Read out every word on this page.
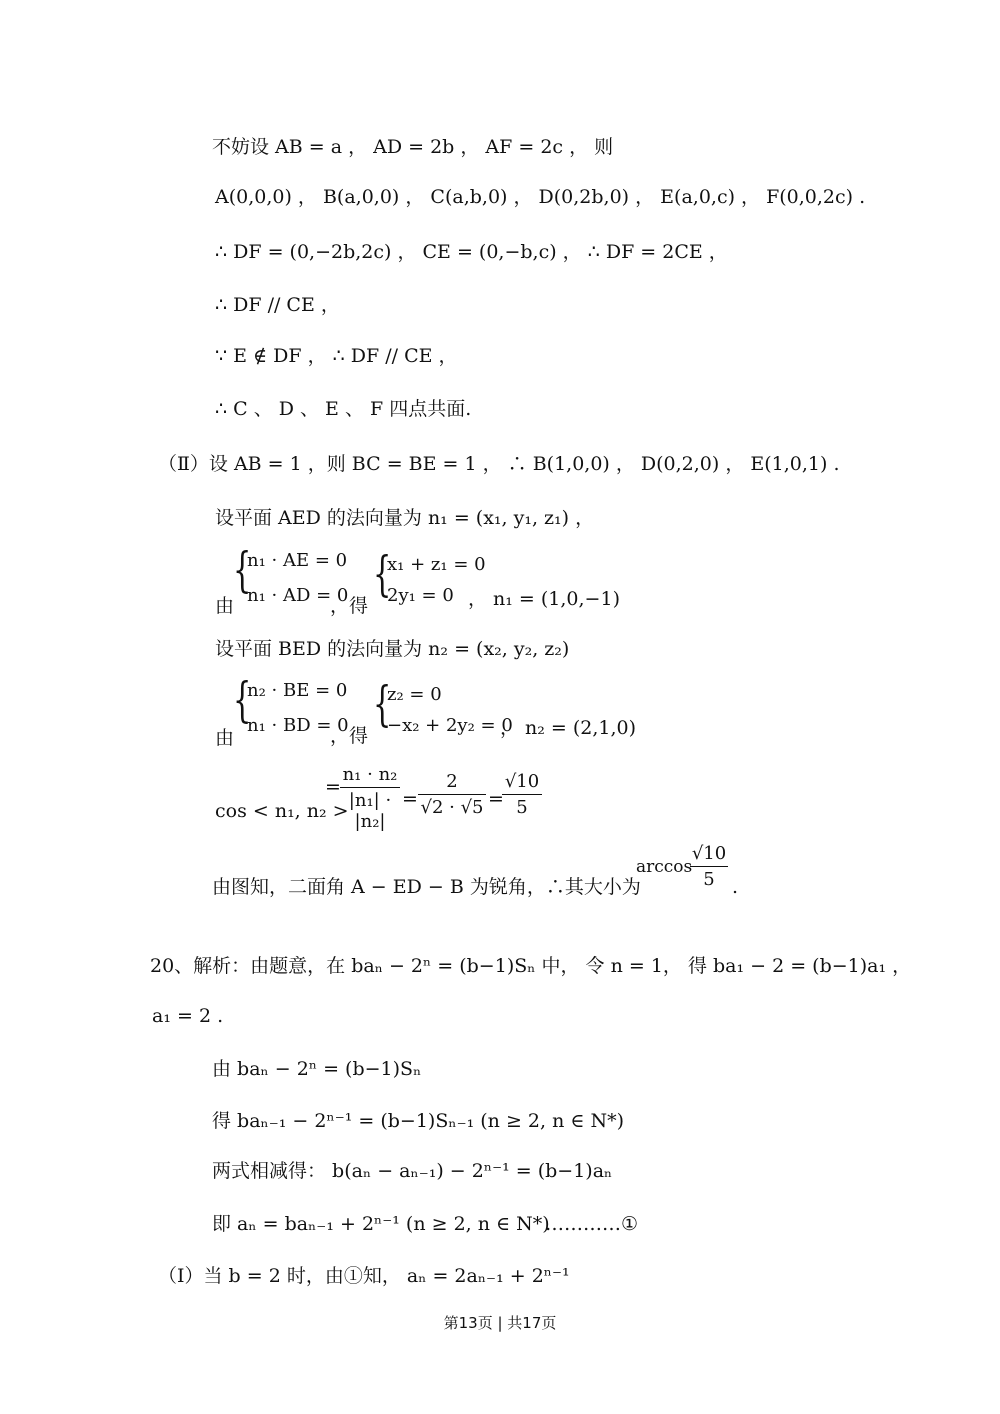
不妨设 AB = a ， AD = 2b ， AF = 2c ， 则
A(0,0,0) ， B(a,0,0) ， C(a,b,0) ， D(0,2b,0) ， E(a,0,c) ， F(0,0,2c) .
∴ DF = (0,−2b,2c) ， CE = (0,−b,c) ， ∴ DF = 2CE ，
∴ DF // CE ，
∵ E ∉ DF ， ∴ DF // CE ，
∴ C 、 D 、 E 、 F 四点共面.
（Ⅱ）设 AB = 1 ，则 BC = BE = 1 ， ∴ B(1,0,0) ， D(0,2,0) ， E(1,0,1) .
设平面 AED 的法向量为 n₁ = (x₁, y₁, z₁) ，
由
{
n₁ · AE = 0
n₁ · AD = 0
，得
{
x₁ + z₁ = 0
2y₁ = 0 ， n₁ = (1,0,−1)
设平面 BED 的法向量为 n₂ = (x₂, y₂, z₂)
由
{
n₂ · BE = 0
n₁ · BD = 0
，得
{
z₂ = 0
−x₂ + 2y₂ = 0
， n₂ = (2,1,0)
cos < n₁, n₂ >
=
n₁ · n₂
|n₁| · |n₂|
=
2
√2 · √5 =
√10
5
由图知，二面角 A − ED − B 为锐角，∴其大小为
arccos
√10
5 .
20、解析：由题意，在 baₙ − 2ⁿ = (b−1)Sₙ 中， 令 n = 1， 得 ba₁ − 2 = (b−1)a₁ ，
a₁ = 2 .
由 baₙ − 2ⁿ = (b−1)Sₙ
得 baₙ₋₁ − 2ⁿ⁻¹ = (b−1)Sₙ₋₁ (n ≥ 2, n ∈ N*)
两式相减得： b(aₙ − aₙ₋₁) − 2ⁿ⁻¹ = (b−1)aₙ
即 aₙ = baₙ₋₁ + 2ⁿ⁻¹ (n ≥ 2, n ∈ N*)
…………①
（Ⅰ）当 b = 2 时，由①知， aₙ = 2aₙ₋₁ + 2ⁿ⁻¹
第13页 | 共17页
